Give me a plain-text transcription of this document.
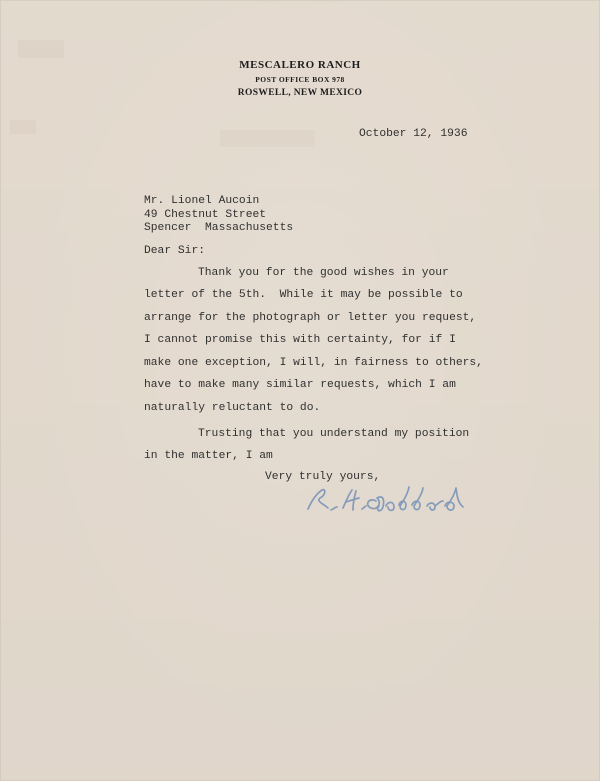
MESCALERO RANCH
POST OFFICE BOX 978
ROSWELL, NEW MEXICO
October 12, 1936
Mr. Lionel Aucoin
49 Chestnut Street
Spencer  Massachusetts
Dear Sir:
Thank you for the good wishes in your
letter of the 5th.  While it may be possible to
arrange for the photograph or letter you request,
I cannot promise this with certainty, for if I
make one exception, I will, in fairness to others,
have to make many similar requests, which I am
naturally reluctant to do.
Trusting that you understand my position
in the matter, I am
Very truly yours,
